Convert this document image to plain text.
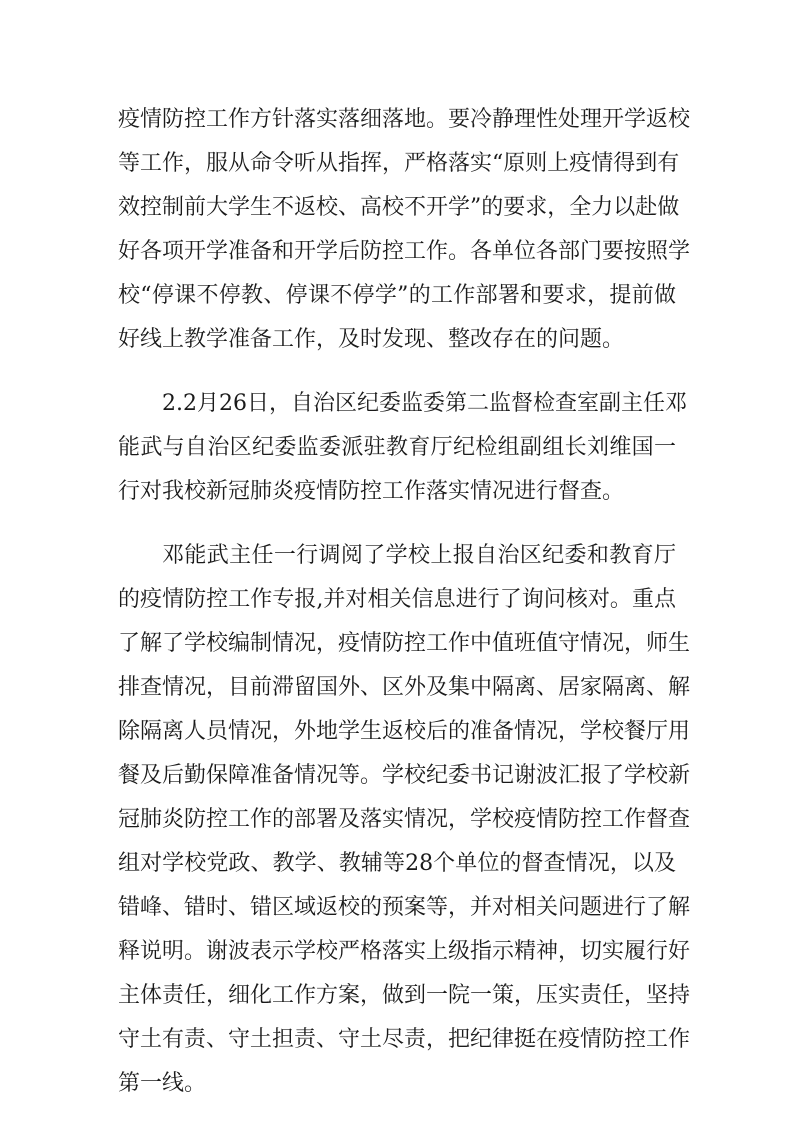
疫情防控工作方针落实落细落地。要冷静理性处理开学返校
等工作，服从命令听从指挥，严格落实“原则上疫情得到有
效控制前大学生不返校、高校不开学”的要求，全力以赴做
好各项开学准备和开学后防控工作。各单位各部门要按照学
校“停课不停教、停课不停学”的工作部署和要求，提前做
好线上教学准备工作，及时发现、整改存在的问题。
2.2月26日，自治区纪委监委第二监督检查室副主任邓
能武与自治区纪委监委派驻教育厅纪检组副组长刘维国一
行对我校新冠肺炎疫情防控工作落实情况进行督查。
邓能武主任一行调阅了学校上报自治区纪委和教育厅
的疫情防控工作专报,并对相关信息进行了询问核对。重点
了解了学校编制情况，疫情防控工作中值班值守情况，师生
排查情况，目前滞留国外、区外及集中隔离、居家隔离、解
除隔离人员情况，外地学生返校后的准备情况，学校餐厅用
餐及后勤保障准备情况等。学校纪委书记谢波汇报了学校新
冠肺炎防控工作的部署及落实情况，学校疫情防控工作督查
组对学校党政、教学、教辅等28个单位的督查情况，以及
错峰、错时、错区域返校的预案等，并对相关问题进行了解
释说明。谢波表示学校严格落实上级指示精神，切实履行好
主体责任，细化工作方案，做到一院一策，压实责任，坚持
守土有责、守土担责、守土尽责，把纪律挺在疫情防控工作
第一线。
